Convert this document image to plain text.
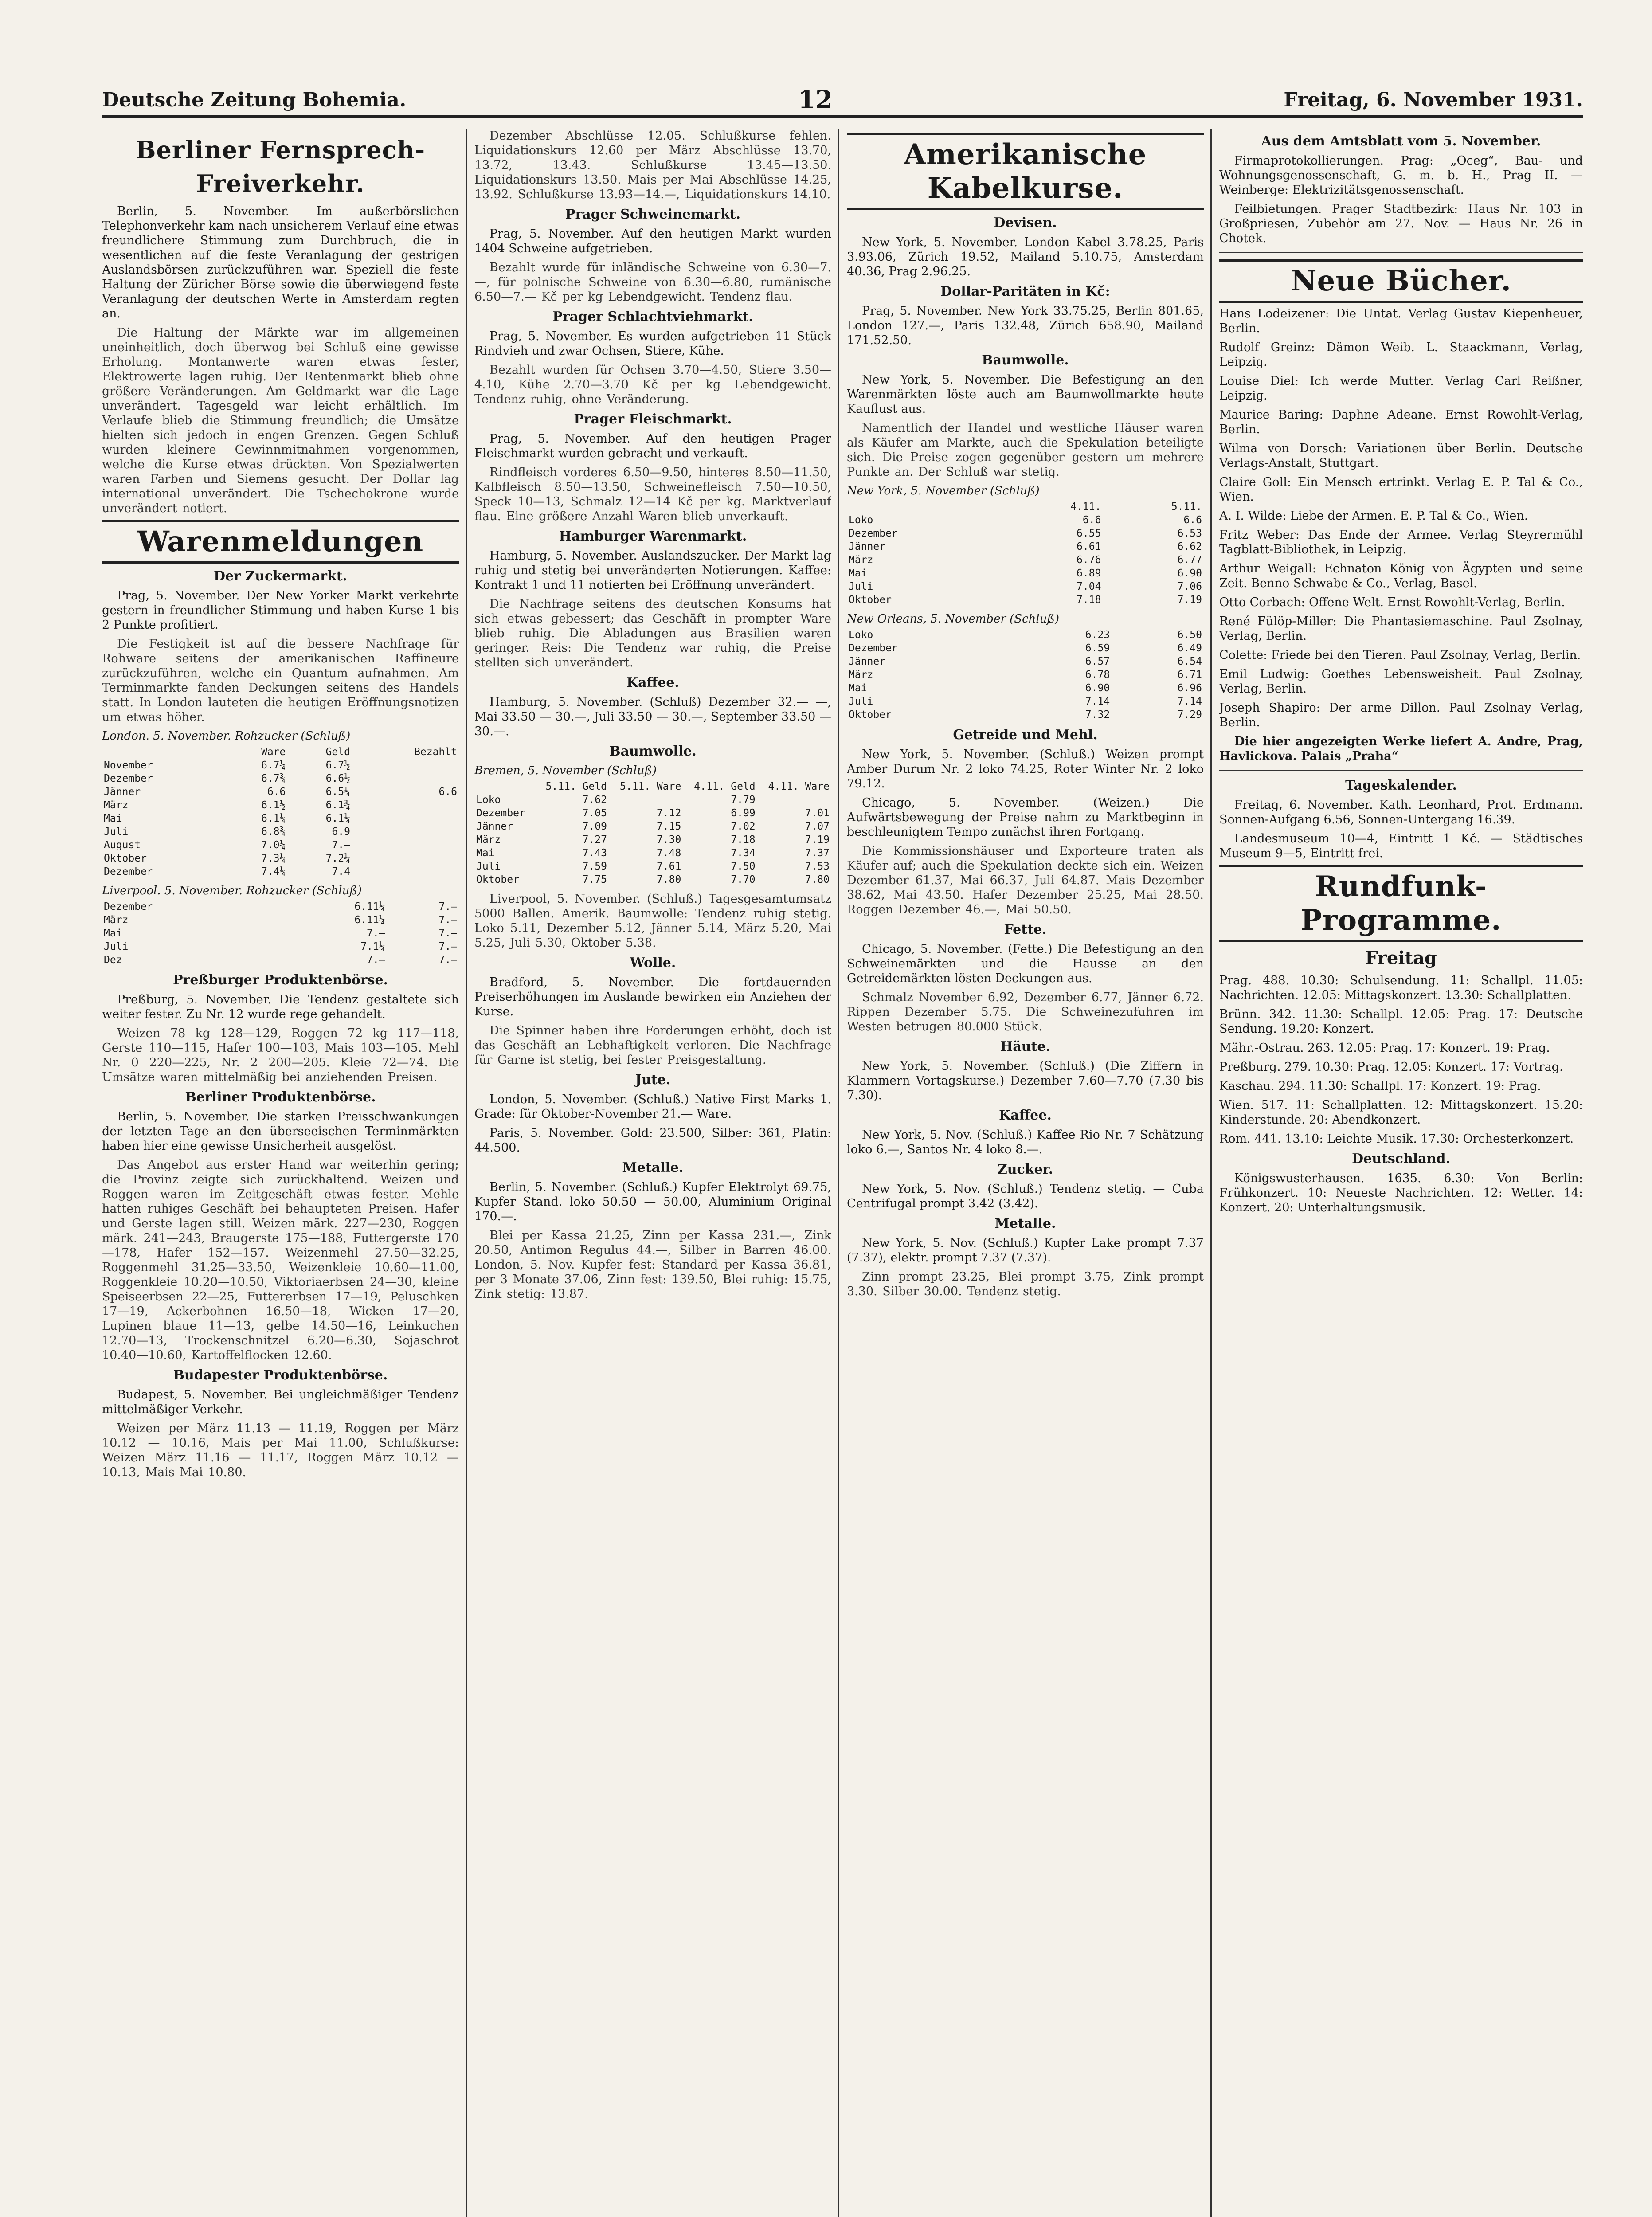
Deutsche Zeitung Bohemia.	12	Freitag, 6. November 1931.
Berliner Fernsprech-Freiverkehr.

Berlin, 5. November. Im außerbörslichen Telephonverkehr kam nach unsicherem Verlauf eine etwas freundlichere Stimmung zum Durchbruch, die in wesentlichen auf die feste Veranlagung der gestrigen Auslandsbörsen zurückzuführen war. Speziell die feste Haltung der Züricher Börse sowie die überwiegend feste Veranlagung der deutschen Werte in Amsterdam regten an.

Die Haltung der Märkte war im allgemeinen uneinheitlich, doch überwog bei Schluß eine gewisse Erholung. Montanwerte waren etwas fester, Elektrowerte lagen ruhig. Der Rentenmarkt blieb ohne größere Veränderungen. Am Geldmarkt war die Lage unverändert. Tagesgeld war leicht erhältlich. Im Verlaufe blieb die Stimmung freundlich; die Umsätze hielten sich jedoch in engen Grenzen. Gegen Schluß wurden kleinere Gewinnmitnahmen vorgenommen, welche die Kurse etwas drückten. Von Spezialwerten waren Farben und Siemens gesucht. Der Dollar lag international unverändert. Die Tschechokrone wurde unverändert notiert.

Warenmeldungen
Der Zuckermarkt.

Prag, 5. November. Der New Yorker Markt verkehrte gestern in freundlicher Stimmung und haben Kurse 1 bis 2 Punkte profitiert.

Die Festigkeit ist auf die bessere Nachfrage für Rohware seitens der amerikanischen Raffineure zurückzuführen, welche ein Quantum aufnahmen. Am Terminmarkte fanden Deckungen seitens des Handels statt. In London lauteten die heutigen Eröffnungsnotizen um etwas höher.

London. 5. November. Rohzucker (Schluß)
	Ware	Geld	Bezahlt
November	6.7¼	6.7½	
Dezember	6.7¾	6.6½	
Jänner	6.6	6.5¼	6.6
März	6.1½	6.1¾	
Mai	6.1¼	6.1¼	
Juli	6.8¾	6.9	
August	7.0¼	7.—	
Oktober	7.3¼	7.2¼	
Dezember	7.4¼	7.4	
Liverpool. 5. November. Rohzucker (Schluß)
Dezember	6.11¼	7.—
März	6.11¼	7.—
Mai	7.—	7.—
Juli	7.1¼	7.—
Dez	7.—	7.—
Preßburger Produktenbörse.

Preßburg, 5. November. Die Tendenz gestaltete sich weiter fester. Zu Nr. 12 wurde rege gehandelt.

Weizen 78 kg 128—129, Roggen 72 kg 117—118, Gerste 110—115, Hafer 100—103, Mais 103—105. Mehl Nr. 0 220—225, Nr. 2 200—205. Kleie 72—74. Die Umsätze waren mittelmäßig bei anziehenden Preisen.

Berliner Produktenbörse.

Berlin, 5. November. Die starken Preisschwankungen der letzten Tage an den überseeischen Terminmärkten haben hier eine gewisse Unsicherheit ausgelöst.

Das Angebot aus erster Hand war weiterhin gering; die Provinz zeigte sich zurückhaltend. Weizen und Roggen waren im Zeitgeschäft etwas fester. Mehle hatten ruhiges Geschäft bei behaupteten Preisen. Hafer und Gerste lagen still. Weizen märk. 227—230, Roggen märk. 241—243, Braugerste 175—188, Futtergerste 170—178, Hafer 152—157. Weizenmehl 27.50—32.25, Roggenmehl 31.25—33.50, Weizenkleie 10.60—11.00, Roggenkleie 10.20—10.50, Viktoriaerbsen 24—30, kleine Speiseerbsen 22—25, Futtererbsen 17—19, Peluschken 17—19, Ackerbohnen 16.50—18, Wicken 17—20, Lupinen blaue 11—13, gelbe 14.50—16, Leinkuchen 12.70—13, Trockenschnitzel 6.20—6.30, Sojaschrot 10.40—10.60, Kartoffelflocken 12.60.

Budapester Produktenbörse.

Budapest, 5. November. Bei ungleichmäßiger Tendenz mittelmäßiger Verkehr.

Weizen per März 11.13 — 11.19, Roggen per März 10.12 — 10.16, Mais per Mai 11.00, Schlußkurse: Weizen März 11.16 — 11.17, Roggen März 10.12 — 10.13, Mais Mai 10.80.

Dezember Abschlüsse 12.05. Schlußkurse fehlen. Liquidationskurs 12.60 per März Abschlüsse 13.70, 13.72, 13.43. Schlußkurse 13.45—13.50. Liquidationskurs 13.50. Mais per Mai Abschlüsse 14.25, 13.92. Schlußkurse 13.93—14.—, Liquidationskurs 14.10.

Prager Schweinemarkt.

Prag, 5. November. Auf den heutigen Markt wurden 1404 Schweine aufgetrieben.

Bezahlt wurde für inländische Schweine von 6.30—7.—, für polnische Schweine von 6.30—6.80, rumänische 6.50—7.— Kč per kg Lebendgewicht. Tendenz flau.

Prager Schlachtviehmarkt.

Prag, 5. November. Es wurden aufgetrieben 11 Stück Rindvieh und zwar Ochsen, Stiere, Kühe.

Bezahlt wurden für Ochsen 3.70—4.50, Stiere 3.50—4.10, Kühe 2.70—3.70 Kč per kg Lebendgewicht. Tendenz ruhig, ohne Veränderung.

Prager Fleischmarkt.

Prag, 5. November. Auf den heutigen Prager Fleischmarkt wurden gebracht und verkauft.

Rindfleisch vorderes 6.50—9.50, hinteres 8.50—11.50, Kalbfleisch 8.50—13.50, Schweinefleisch 7.50—10.50, Speck 10—13, Schmalz 12—14 Kč per kg. Marktverlauf flau. Eine größere Anzahl Waren blieb unverkauft.

Hamburger Warenmarkt.

Hamburg, 5. November. Auslandszucker. Der Markt lag ruhig und stetig bei unveränderten Notierungen. Kaffee: Kontrakt 1 und 11 notierten bei Eröffnung unverändert.

Die Nachfrage seitens des deutschen Konsums hat sich etwas gebessert; das Geschäft in prompter Ware blieb ruhig. Die Abladungen aus Brasilien waren geringer. Reis: Die Tendenz war ruhig, die Preise stellten sich unverändert.

Kaffee.

Hamburg, 5. November. (Schluß) Dezember 32.— —, Mai 33.50 — 30.—, Juli 33.50 — 30.—, September 33.50 — 30.—.

Baumwolle.
Bremen, 5. November (Schluß)
	5.11. Geld	5.11. Ware	4.11. Geld	4.11. Ware
Loko	7.62		7.79	
Dezember	7.05	7.12	6.99	7.01
Jänner	7.09	7.15	7.02	7.07
März	7.27	7.30	7.18	7.19
Mai	7.43	7.48	7.34	7.37
Juli	7.59	7.61	7.50	7.53
Oktober	7.75	7.80	7.70	7.80

Liverpool, 5. November. (Schluß.) Tagesgesamtumsatz 5000 Ballen. Amerik. Baumwolle: Tendenz ruhig stetig. Loko 5.11, Dezember 5.12, Jänner 5.14, März 5.20, Mai 5.25, Juli 5.30, Oktober 5.38.

Wolle.

Bradford, 5. November. Die fortdauernden Preiserhöhungen im Auslande bewirken ein Anziehen der Kurse.

Die Spinner haben ihre Forderungen erhöht, doch ist das Geschäft an Lebhaftigkeit verloren. Die Nachfrage für Garne ist stetig, bei fester Preisgestaltung.

Jute.

London, 5. November. (Schluß.) Native First Marks 1. Grade: für Oktober-November 21.— Ware.

Paris, 5. November. Gold: 23.500, Silber: 361, Platin: 44.500.

Metalle.

Berlin, 5. November. (Schluß.) Kupfer Elektrolyt 69.75, Kupfer Stand. loko 50.50 — 50.00, Aluminium Original 170.—.

Blei per Kassa 21.25, Zinn per Kassa 231.—, Zink 20.50, Antimon Regulus 44.—, Silber in Barren 46.00. London, 5. Nov. Kupfer fest: Standard per Kassa 36.81, per 3 Monate 37.06, Zinn fest: 139.50, Blei ruhig: 15.75, Zink stetig: 13.87.

Amerikanische Kabelkurse.
Devisen.

New York, 5. November. London Kabel 3.78.25, Paris 3.93.06, Zürich 19.52, Mailand 5.10.75, Amsterdam 40.36, Prag 2.96.25.

Dollar-Paritäten in Kč:

Prag, 5. November. New York 33.75.25, Berlin 801.65, London 127.—, Paris 132.48, Zürich 658.90, Mailand 171.52.50.

Baumwolle.

New York, 5. November. Die Befestigung an den Warenmärkten löste auch am Baumwollmarkte heute Kauflust aus.

Namentlich der Handel und westliche Häuser waren als Käufer am Markte, auch die Spekulation beteiligte sich. Die Preise zogen gegenüber gestern um mehrere Punkte an. Der Schluß war stetig.

New York, 5. November (Schluß)
	4.11.	5.11.
Loko	6.6	6.6
Dezember	6.55	6.53
Jänner	6.61	6.62
März	6.76	6.77
Mai	6.89	6.90
Juli	7.04	7.06
Oktober	7.18	7.19
New Orleans, 5. November (Schluß)
Loko	6.23	6.50
Dezember	6.59	6.49
Jänner	6.57	6.54
März	6.78	6.71
Mai	6.90	6.96
Juli	7.14	7.14
Oktober	7.32	7.29
Getreide und Mehl.

New York, 5. November. (Schluß.) Weizen prompt Amber Durum Nr. 2 loko 74.25, Roter Winter Nr. 2 loko 79.12.

Chicago, 5. November. (Weizen.) Die Aufwärtsbewegung der Preise nahm zu Marktbeginn in beschleunigtem Tempo zunächst ihren Fortgang.

Die Kommissionshäuser und Exporteure traten als Käufer auf; auch die Spekulation deckte sich ein. Weizen Dezember 61.37, Mai 66.37, Juli 64.87. Mais Dezember 38.62, Mai 43.50. Hafer Dezember 25.25, Mai 28.50. Roggen Dezember 46.—, Mai 50.50.

Fette.

Chicago, 5. November. (Fette.) Die Befestigung an den Schweinemärkten und die Hausse an den Getreidemärkten lösten Deckungen aus.

Schmalz November 6.92, Dezember 6.77, Jänner 6.72. Rippen Dezember 5.75. Die Schweinezufuhren im Westen betrugen 80.000 Stück.

Häute.

New York, 5. November. (Schluß.) (Die Ziffern in Klammern Vortagskurse.) Dezember 7.60—7.70 (7.30 bis 7.30).

Kaffee.

New York, 5. Nov. (Schluß.) Kaffee Rio Nr. 7 Schätzung loko 6.—, Santos Nr. 4 loko 8.—.

Zucker.

New York, 5. Nov. (Schluß.) Tendenz stetig. — Cuba Centrifugal prompt 3.42 (3.42).

Metalle.

New York, 5. Nov. (Schluß.) Kupfer Lake prompt 7.37 (7.37), elektr. prompt 7.37 (7.37).

Zinn prompt 23.25, Blei prompt 3.75, Zink prompt 3.30. Silber 30.00. Tendenz stetig.

Aus dem Amtsblatt vom 5. November.

Firmaprotokollierungen. Prag: „Oceg“, Bau- und Wohnungsgenossenschaft, G. m. b. H., Prag II. — Weinberge: Elektrizitätsgenossenschaft.

Feilbietungen. Prager Stadtbezirk: Haus Nr. 103 in Großpriesen, Zubehör am 27. Nov. — Haus Nr. 26 in Chotek.

Neue Bücher.
Hans Lodeizener: Die Untat. Verlag Gustav Kiepenheuer, Berlin.
Rudolf Greinz: Dämon Weib. L. Staackmann, Verlag, Leipzig.
Louise Diel: Ich werde Mutter. Verlag Carl Reißner, Leipzig.
Maurice Baring: Daphne Adeane. Ernst Rowohlt-Verlag, Berlin.
Wilma von Dorsch: Variationen über Berlin. Deutsche Verlags-Anstalt, Stuttgart.
Claire Goll: Ein Mensch ertrinkt. Verlag E. P. Tal & Co., Wien.
A. I. Wilde: Liebe der Armen. E. P. Tal & Co., Wien.
Fritz Weber: Das Ende der Armee. Verlag Steyrermühl Tagblatt-Bibliothek, in Leipzig.
Arthur Weigall: Echnaton König von Ägypten und seine Zeit. Benno Schwabe & Co., Verlag, Basel.
Otto Corbach: Offene Welt. Ernst Rowohlt-Verlag, Berlin.
René Fülöp-Miller: Die Phantasiemaschine. Paul Zsolnay, Verlag, Berlin.
Colette: Friede bei den Tieren. Paul Zsolnay, Verlag, Berlin.
Emil Ludwig: Goethes Lebensweisheit. Paul Zsolnay, Verlag, Berlin.
Joseph Shapiro: Der arme Dillon. Paul Zsolnay Verlag, Berlin.

Die hier angezeigten Werke liefert A. Andre, Prag, Havlickova. Palais „Praha“

Tageskalender.

Freitag, 6. November. Kath. Leonhard, Prot. Erdmann. Sonnen-Aufgang 6.56, Sonnen-Untergang 16.39.

Landesmuseum 10—4, Eintritt 1 Kč. — Städtisches Museum 9—5, Eintritt frei.

Rundfunk-Programme.
Freitag
Prag. 488. 10.30: Schulsendung. 11: Schallpl. 11.05: Nachrichten. 12.05: Mittagskonzert. 13.30: Schallplatten.
Brünn. 342. 11.30: Schallpl. 12.05: Prag. 17: Deutsche Sendung. 19.20: Konzert.
Mähr.-Ostrau. 263. 12.05: Prag. 17: Konzert. 19: Prag.
Preßburg. 279. 10.30: Prag. 12.05: Konzert. 17: Vortrag.
Kaschau. 294. 11.30: Schallpl. 17: Konzert. 19: Prag.
Wien. 517. 11: Schallplatten. 12: Mittagskonzert. 15.20: Kinderstunde. 20: Abendkonzert.
Rom. 441. 13.10: Leichte Musik. 17.30: Orchesterkonzert.
Deutschland.

Königswusterhausen. 1635. 6.30: Von Berlin: Frühkonzert. 10: Neueste Nachrichten. 12: Wetter. 14: Konzert. 20: Unterhaltungsmusik.
